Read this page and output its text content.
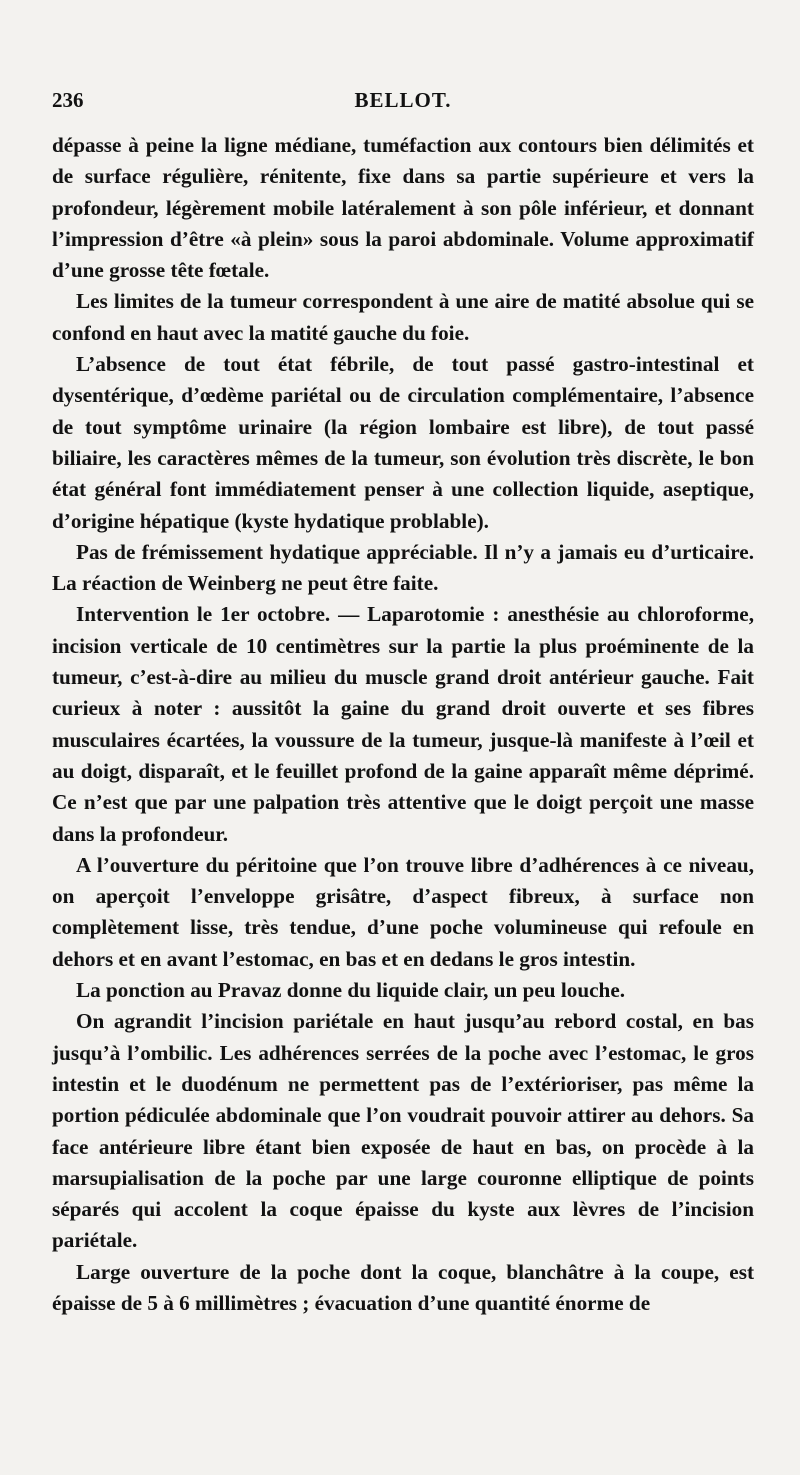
236	BELLOT.

dépasse à peine la ligne médiane, tuméfaction aux contours bien délimités et de surface régulière, rénitente, fixe dans sa partie supérieure et vers la profondeur, légèrement mobile latéralement à son pôle inférieur, et donnant l’impression d’être «à plein» sous la paroi abdominale. Volume approximatif d’une grosse tête fœtale.

Les limites de la tumeur correspondent à une aire de matité absolue qui se confond en haut avec la matité gauche du foie.

L’absence de tout état fébrile, de tout passé gastro-intestinal et dysentérique, d’œdème pariétal ou de circulation complémentaire, l’absence de tout symptôme urinaire (la région lombaire est libre), de tout passé biliaire, les caractères mêmes de la tumeur, son évolution très discrète, le bon état général font immédiatement penser à une collection liquide, aseptique, d’origine hépatique (kyste hydatique problable).

Pas de frémissement hydatique appréciable. Il n’y a jamais eu d’urticaire. La réaction de Weinberg ne peut être faite.

Intervention le 1er octobre. — Laparotomie : anesthésie au chloroforme, incision verticale de 10 centimètres sur la partie la plus proéminente de la tumeur, c’est-à-dire au milieu du muscle grand droit antérieur gauche. Fait curieux à noter : aussitôt la gaine du grand droit ouverte et ses fibres musculaires écartées, la voussure de la tumeur, jusque-là manifeste à l’œil et au doigt, disparaît, et le feuillet profond de la gaine apparaît même déprimé. Ce n’est que par une palpation très attentive que le doigt perçoit une masse dans la profondeur.

A l’ouverture du péritoine que l’on trouve libre d’adhérences à ce niveau, on aperçoit l’enveloppe grisâtre, d’aspect fibreux, à surface non complètement lisse, très tendue, d’une poche volumineuse qui refoule en dehors et en avant l’estomac, en bas et en dedans le gros intestin.

La ponction au Pravaz donne du liquide clair, un peu louche.

On agrandit l’incision pariétale en haut jusqu’au rebord costal, en bas jusqu’à l’ombilic. Les adhérences serrées de la poche avec l’estomac, le gros intestin et le duodénum ne permettent pas de l’extérioriser, pas même la portion pédiculée abdominale que l’on voudrait pouvoir attirer au dehors. Sa face antérieure libre étant bien exposée de haut en bas, on procède à la marsupialisation de la poche par une large couronne elliptique de points séparés qui accolent la coque épaisse du kyste aux lèvres de l’incision pariétale.

Large ouverture de la poche dont la coque, blanchâtre à la coupe, est épaisse de 5 à 6 millimètres ; évacuation d’une quantité énorme de
